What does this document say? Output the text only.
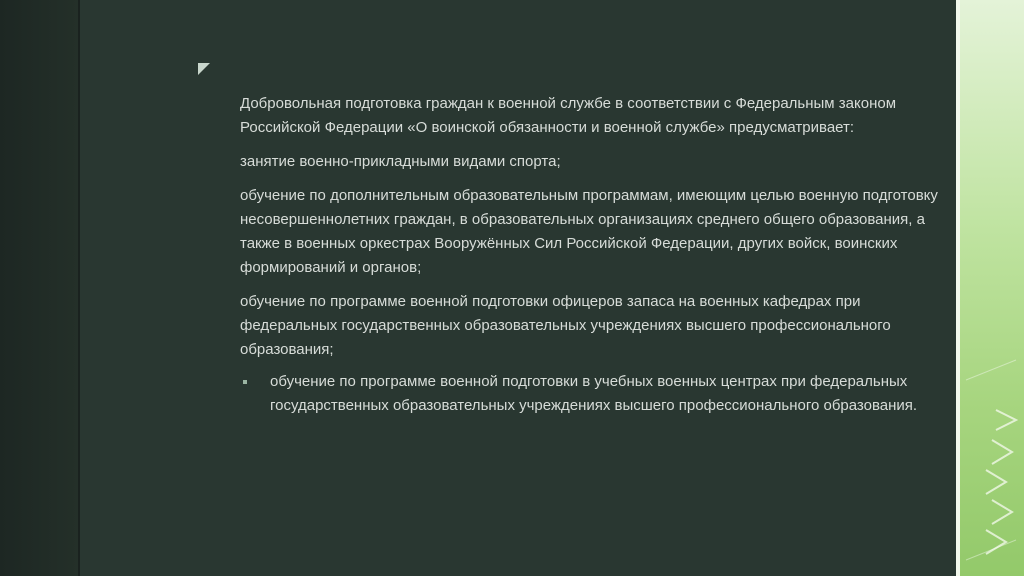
Добровольная подготовка граждан к военной службе в соответствии с Федеральным законом Российской Федерации «О воинской обязанности и военной службе» предусматривает:

занятие военно-прикладными видами спорта;

обучение по дополнительным образовательным программам, имеющим целью военную подготовку несовершеннолетних граждан, в образовательных организациях среднего общего образования, а также в военных оркестрах Вооружённых Сил Российской Федерации, других войск, воинских формирований и органов;

обучение по программе военной подготовки офицеров запаса на военных кафедрах при федеральных государственных образовательных учреждениях высшего профессионального образования;

обучение по программе военной подготовки в учебных военных центрах при федеральных государственных образовательных учреждениях высшего профессионального образования.
